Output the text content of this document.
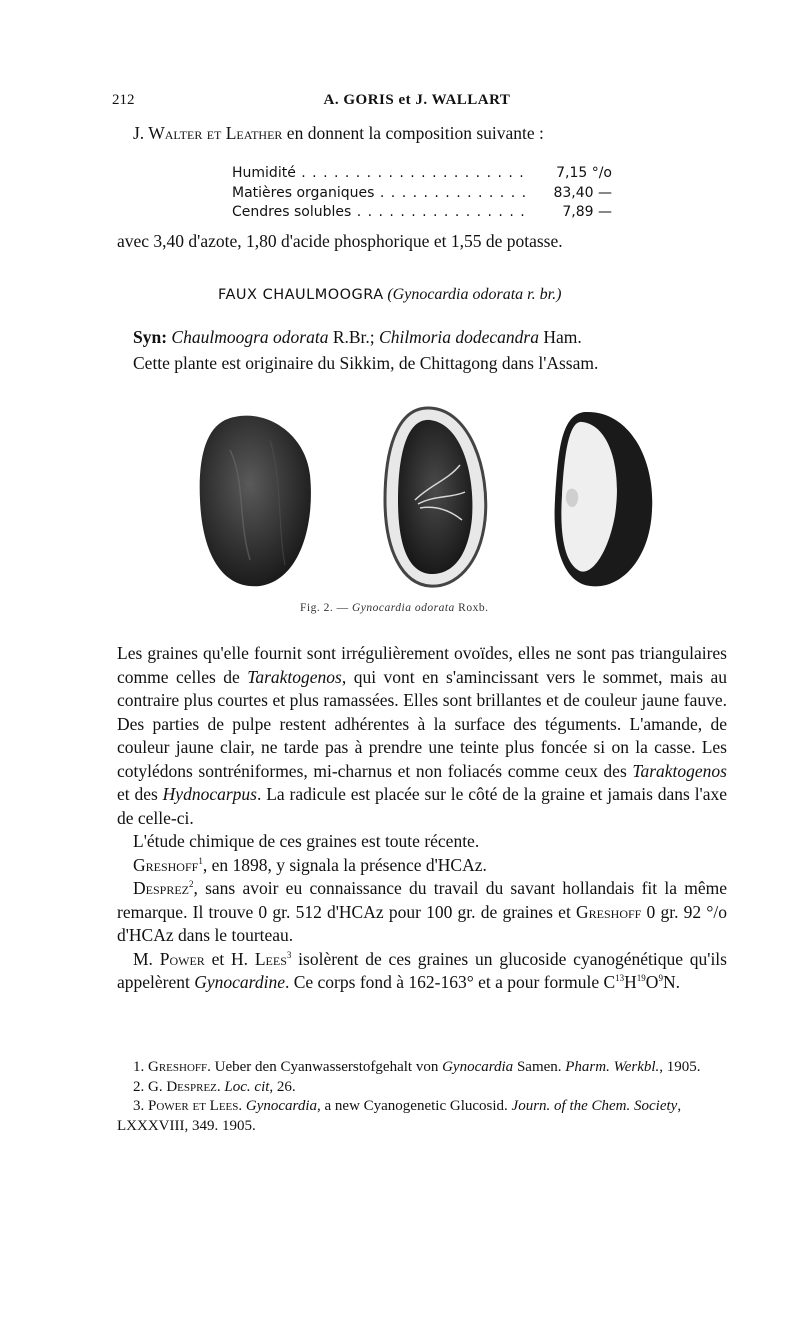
212	A. GORIS et J. WALLART
J. Walter et Leather en donnent la composition suivante :
Humidité . . .	7,15 °/o
Matières organiques . . .	83,40 —
Cendres solubles . . .	7,89 —
avec 3,40 d'azote, 1,80 d'acide phosphorique et 1,55 de potasse.
FAUX CHAULMOOGRA (Gynocardia odorata r. br.)
Syn: Chaulmoogra odorata R.Br.; Chilmoria dodecandra Ham.
Cette plante est originaire du Sikkim, de Chittagong dans l'Assam.
Fig. 2. — Gynocardia odorata Roxb.

Les graines qu'elle fournit sont irrégulièrement ovoïdes, elles ne sont pas triangulaires comme celles de Taraktogenos, qui vont en s'amincissant vers le sommet, mais au contraire plus courtes et plus ramassées. Elles sont brillantes et de couleur jaune fauve. Des parties de pulpe restent adhérentes à la surface des téguments. L'amande, de couleur jaune clair, ne tarde pas à prendre une teinte plus foncée si on la casse. Les cotylédons sontréniformes, mi-charnus et non foliacés comme ceux des Taraktogenos et des Hydnocarpus. La radicule est placée sur le côté de la graine et jamais dans l'axe de celle-ci.

L'étude chimique de ces graines est toute récente.

Greshoff$^1$, en 1898, y signala la présence d'HCAz.

Desprez$^2$, sans avoir eu connaissance du travail du savant hollandais fit la même remarque. Il trouve 0 gr. 512 d'HCAz pour 100 gr. de graines et Greshoff 0 gr. 92 °/o d'HCAz dans le tourteau.

M. Power et H. Lees$^3$ isolèrent de ces graines un glucoside cyanogénétique qu'ils appelèrent Gynocardine. Ce corps fond à 162-163° et a pour formule $C^{13}H^{19}O^9N$.

1. Greshoff. Ueber den Cyanwasserstofgehalt von Gynocardia Samen. Pharm. Werkbl., 1905.

2. G. Desprez. Loc. cit, 26.

3. Power et Lees. Gynocardia, a new Cyanogenetic Glucosid. Journ. of the Chem. Society, LXXXVIII, 349. 1905.
